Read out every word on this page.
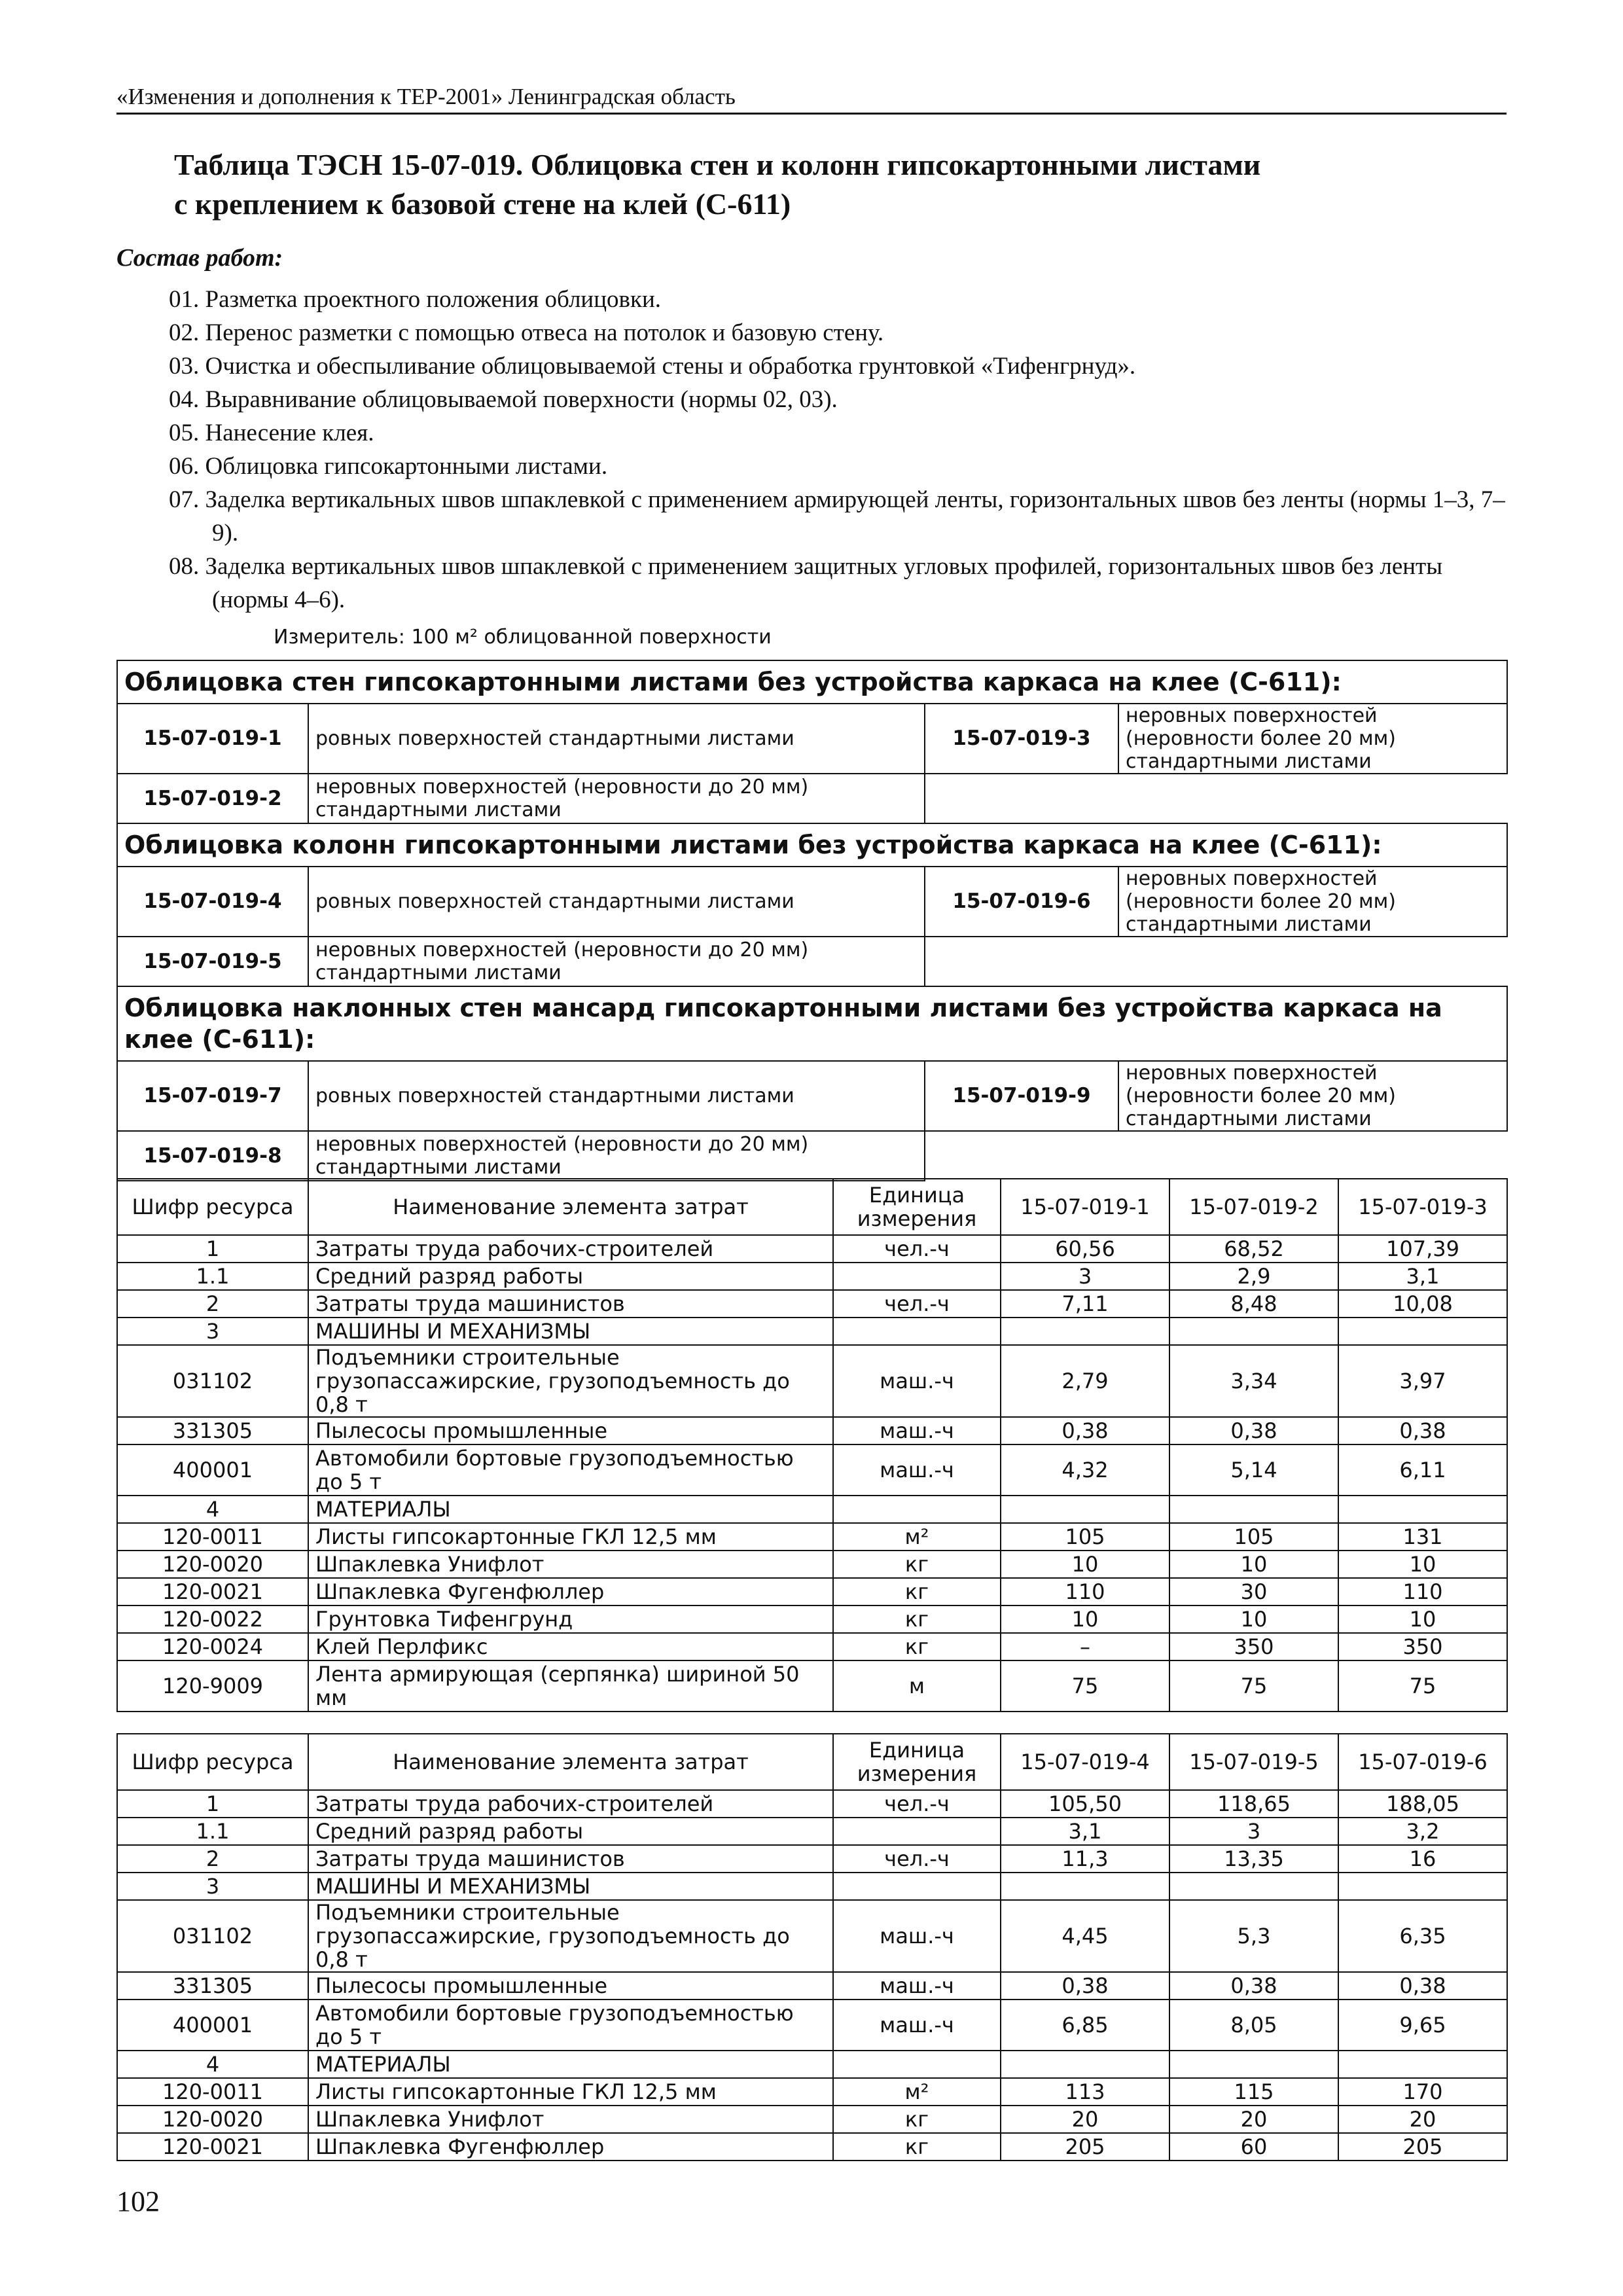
«Изменения и дополнения к ТЕР-2001» Ленинградская область
Таблица ТЭСН 15-07-019. Облицовка стен и колонн гипсокартонными листами
с креплением к базовой стене на клей (С-611)
Состав работ:
01. Разметка проектного положения облицовки.
02. Перенос разметки с помощью отвеса на потолок и базовую стену.
03. Очистка и обеспыливание облицовываемой стены и обработка грунтовкой «Тифенгрнуд».
04. Выравнивание облицовываемой поверхности (нормы 02, 03).
05. Нанесение клея.
06. Облицовка гипсокартонными листами.
07. Заделка вертикальных швов шпаклевкой с применением армирующей ленты, горизонтальных швов без ленты (нормы 1–3, 7–9).
08. Заделка вертикальных швов шпаклевкой с применением защитных угловых профилей, горизонтальных швов без ленты (нормы 4–6).
Измеритель: 100 м² облицованной поверхности
Облицовка стен гипсокартонными листами без устройства каркаса на клее (С-611):			
15-07-019-1	ровных поверхностей стандартными листами	15-07-019-3	неровных поверхностей (неровности более 20 мм) стандартными листами
15-07-019-2	неровных поверхностей (неровности до 20 мм) стандартными листами		
Облицовка колонн гипсокартонными листами без устройства каркаса на клее (С-611):			
15-07-019-4	ровных поверхностей стандартными листами	15-07-019-6	неровных поверхностей (неровности более 20 мм) стандартными листами
15-07-019-5	неровных поверхностей (неровности до 20 мм) стандартными листами		
Облицовка наклонных стен мансард гипсокартонными листами без устройства каркаса на клее (С-611):			
15-07-019-7	ровных поверхностей стандартными листами	15-07-019-9	неровных поверхностей (неровности более 20 мм) стандартными листами
15-07-019-8	неровных поверхностей (неровности до 20 мм) стандартными листами		
Шифр ресурса	Наименование элемента затрат	Единица измерения	15-07-019-1	15-07-019-2	15-07-019-3
1	Затраты труда рабочих-строителей	чел.-ч	60,56	68,52	107,39
1.1	Средний разряд работы		3	2,9	3,1
2	Затраты труда машинистов	чел.-ч	7,11	8,48	10,08
3	МАШИНЫ И МЕХАНИЗМЫ				
031102	Подъемники строительные грузопассажирские, грузоподъемность до 0,8 т	маш.-ч	2,79	3,34	3,97
331305	Пылесосы промышленные	маш.-ч	0,38	0,38	0,38
400001	Автомобили бортовые грузоподъемностью до 5 т	маш.-ч	4,32	5,14	6,11
4	МАТЕРИАЛЫ				
120-0011	Листы гипсокартонные ГКЛ 12,5 мм	м²	105	105	131
120-0020	Шпаклевка Унифлот	кг	10	10	10
120-0021	Шпаклевка Фугенфюллер	кг	110	30	110
120-0022	Грунтовка Тифенгрунд	кг	10	10	10
120-0024	Клей Перлфикс	кг	–	350	350
120-9009	Лента армирующая (серпянка) шириной 50 мм	м	75	75	75
Шифр ресурса	Наименование элемента затрат	Единица измерения	15-07-019-4	15-07-019-5	15-07-019-6
1	Затраты труда рабочих-строителей	чел.-ч	105,50	118,65	188,05
1.1	Средний разряд работы		3,1	3	3,2
2	Затраты труда машинистов	чел.-ч	11,3	13,35	16
3	МАШИНЫ И МЕХАНИЗМЫ				
031102	Подъемники строительные грузопассажирские, грузоподъемность до 0,8 т	маш.-ч	4,45	5,3	6,35
331305	Пылесосы промышленные	маш.-ч	0,38	0,38	0,38
400001	Автомобили бортовые грузоподъемностью до 5 т	маш.-ч	6,85	8,05	9,65
4	МАТЕРИАЛЫ				
120-0011	Листы гипсокартонные ГКЛ 12,5 мм	м²	113	115	170
120-0020	Шпаклевка Унифлот	кг	20	20	20
120-0021	Шпаклевка Фугенфюллер	кг	205	60	205
102
